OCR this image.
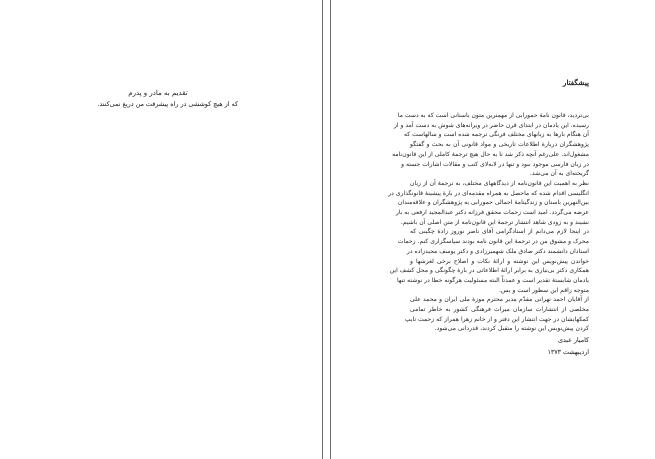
تقدیم به مادر و پدرم
که از هیچ کوششی در راه پیشرفت من دریغ نمی‌کنند.
پیشگفتار
بی‌تردید، قانون نامهٔ حمورابی از مهمترین متون باستانی است که به دست ما
رسیده. این یادمان در ابتدای قرن حاضر در ویرانه‌های شوش به دست آمد و از
آن هنگام بارها به زبانهای مختلف فرنگی ترجمه شده است و سالهاست که
پژوهشگران دربارهٔ اطلاعات تاریخی و مواد قانونی آن به بحث و گفتگو
مشغول‌اند. علی‌رغم آنچه ذکر شد تا به حال هیچ ترجمهٔ کاملی از این قانون‌نامه
در زبان فارسی موجود نبود و تنها در لابه‌لای کتب و مقالات اشارات جسته و
گریخته‌ای به آن می‌شد.
نظر به اهمیت این قانون‌نامه از دیدگاههای مختلف، به ترجمهٔ آن از زبان
انگلیسی اقدام شده که ماحصل به همراه مقدمه‌ای در بارهٔ پیشینهٔ قانونگذاری در
بین‌النهرین باستان و زندگینامهٔ اجمالی حمورابی به پژوهشگران و علاقه‌مندان
عرضه می‌گردد. امید است زحمات محقق فرزانه دکتر عبدالمجید ارفعی به بار
نشیند و به زودی شاهد انتشار ترجمهٔ این قانون‌نامه از متن اصلی آن باشیم.
در اینجا لازم می‌دانم از استادگرامی آقای ناصر نوروز زادهٔ چگینی که
محرک و مشوق من در ترجمهٔ این قانون نامه بودند سپاسگزاری کنم. زحمات
استادان دانشمند دکتر صادق ملک شهمیرزادی و دکتر یوسف مجیدزاده در
خواندن پیش‌نویس این نوشته و ارائهٔ نکات و اصلاح برخی لغزشها و
همکاری دکتر بی‌نیازی به برابر ارائهٔ اطلاعاتی در بارهٔ چگونگی و محل کشف این
یادمان شایستهٔ تقدیر است و عمدتاً البته مسئولیت هرگونه خطا در نوشته تنها
متوجه راقم این سطور است و بس.
از آقایان احمد تهرانی مقدّم مدیر محترم موزهٔ ملی ایران و محمد علی
مخلصی از انتشارات سازمان میراث فرهنگی کشور به خاطر تمامی
کمکهایشان در جهت انتشار این دفتر و از خانم زهرا همراز که زحمت تایپ
کردن پیش‌نویس این نوشته را متقبل کردند، قدردانی می‌شود.
کامیار عبدی
اردیبهشت ۱۳۷۳
